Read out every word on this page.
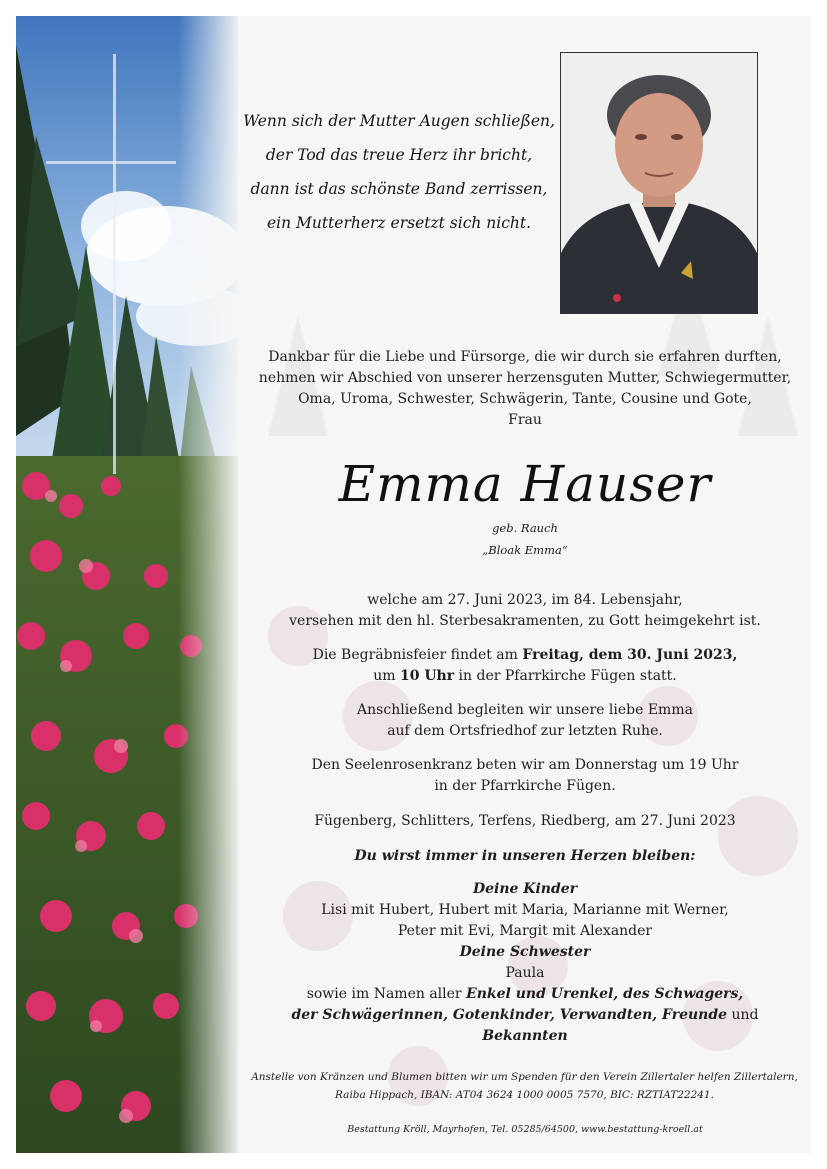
Wenn sich der Mutter Augen schließen,
der Tod das treue Herz ihr bricht,
dann ist das schönste Band zerrissen,
ein Mutterherz ersetzt sich nicht.
Dankbar für die Liebe und Fürsorge, die wir durch sie erfahren durften,
nehmen wir Abschied von unserer herzensguten Mutter, Schwiegermutter,
Oma, Uroma, Schwester, Schwägerin, Tante, Cousine und Gote,
Frau
Emma Hauser
geb. Rauch
„Bloak Emma“
welche am 27. Juni 2023, im 84. Lebensjahr,
versehen mit den hl. Sterbesakramenten, zu Gott heimgekehrt ist.
Die Begräbnisfeier findet am Freitag, dem 30. Juni 2023,
um 10 Uhr in der Pfarrkirche Fügen statt.
Anschließend begleiten wir unsere liebe Emma
auf dem Ortsfriedhof zur letzten Ruhe.
Den Seelenrosenkranz beten wir am Donnerstag um 19 Uhr
in der Pfarrkirche Fügen.
Fügenberg, Schlitters, Terfens, Riedberg, am 27. Juni 2023
Du wirst immer in unseren Herzen bleiben:
Deine Kinder
Lisi mit Hubert, Hubert mit Maria, Marianne mit Werner,
Peter mit Evi, Margit mit Alexander
Deine Schwester
Paula
sowie im Namen aller Enkel und Urenkel, des Schwagers,
der Schwägerinnen, Gotenkinder, Verwandten, Freunde und Bekannten
Anstelle von Kränzen und Blumen bitten wir um Spenden für den Verein Zillertaler helfen Zillertalern,
Raiba Hippach, IBAN: AT04 3624 1000 0005 7570, BIC: RZTIAT22241.
Bestattung Kröll, Mayrhofen, Tel. 05285/64500, www.bestattung-kroell.at
